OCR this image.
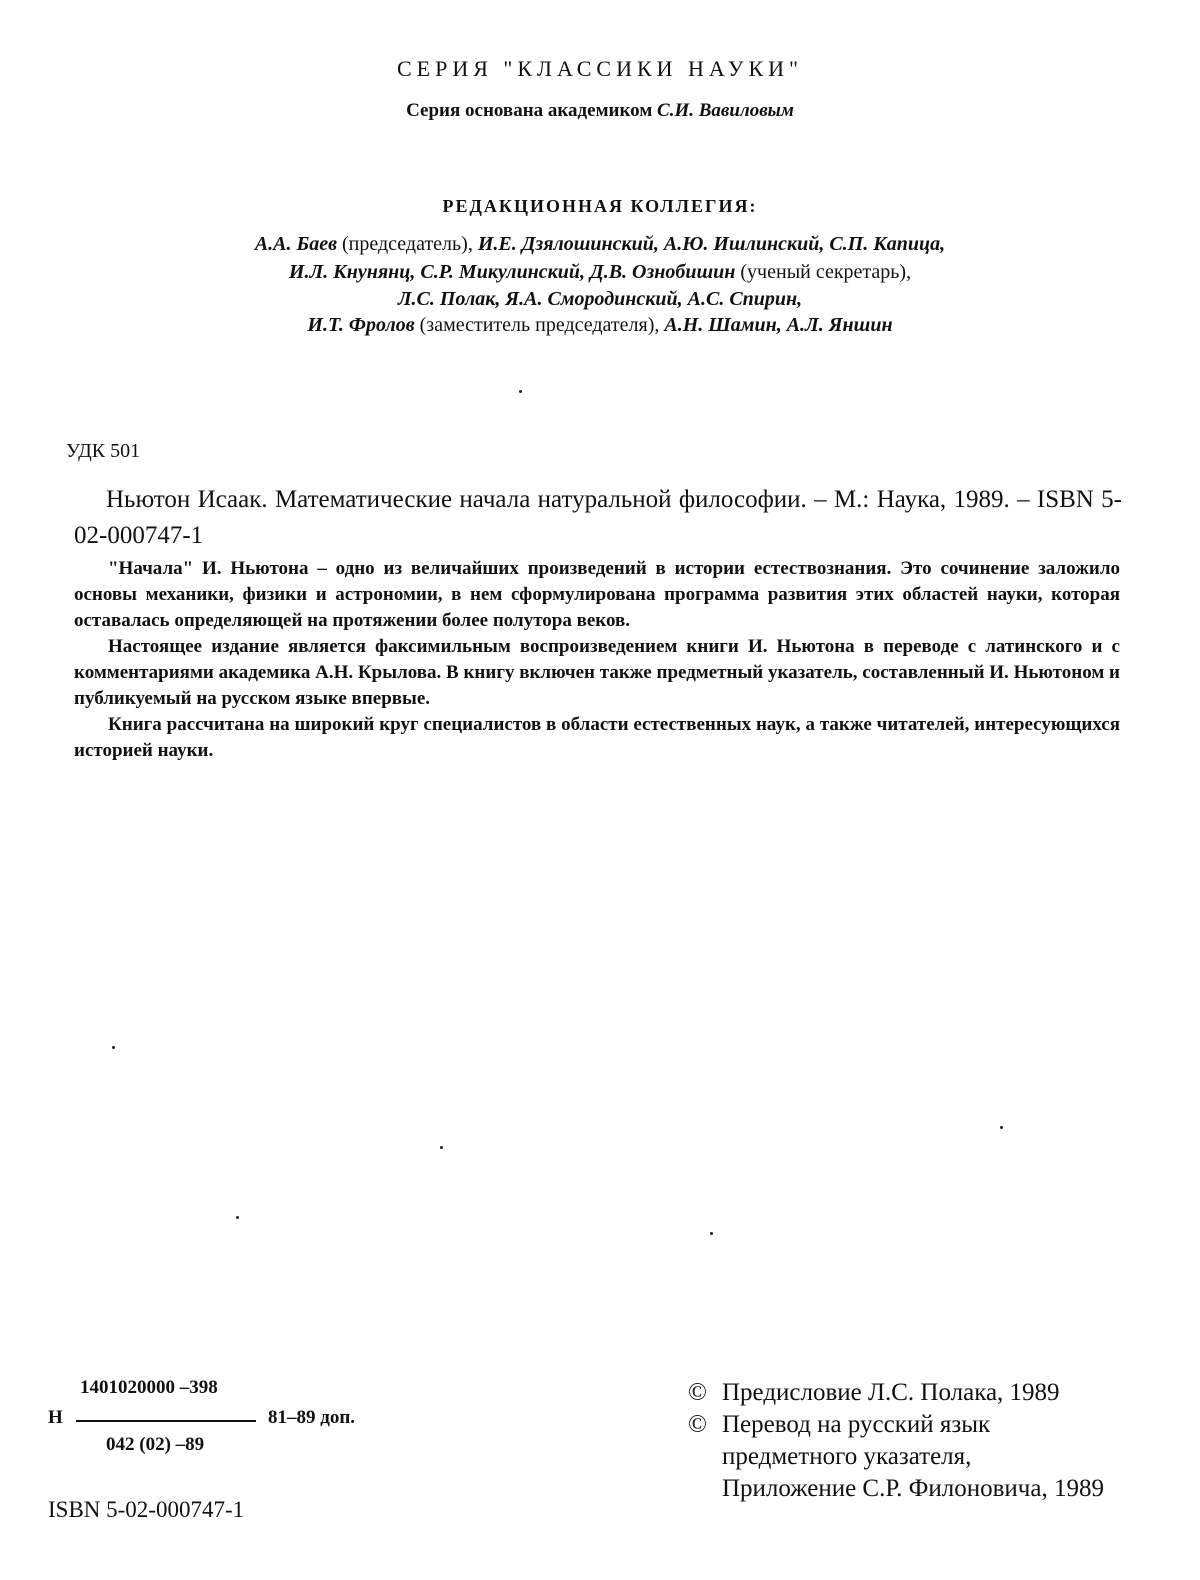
СЕРИЯ "КЛАССИКИ НАУКИ"
Серия основана академиком С.И. Вавиловым
РЕДАКЦИОННАЯ КОЛЛЕГИЯ:
А.А. Баев (председатель), И.Е. Дзялошинский, А.Ю. Ишлинский, С.П. Капица,
И.Л. Кнунянц, С.Р. Микулинский, Д.В. Ознобишин (ученый секретарь),
Л.С. Полак, Я.А. Смородинский, А.С. Спирин,
И.Т. Фролов (заместитель председателя), А.Н. Шамин, А.Л. Яншин
УДК 501
Ньютон Исаак. Математические начала натуральной философии. – М.: Наука, 1989. – ISBN 5-02-000747-1

"Начала" И. Ньютона – одно из величайших произведений в истории естествознания. Это сочинение заложило основы механики, физики и астрономии, в нем сформулирована программа развития этих областей науки, которая оставалась определяющей на протяжении более полутора веков.

Настоящее издание является факсимильным воспроизведением книги И. Ньютона в переводе с латинского и с комментариями академика А.Н. Крылова. В книгу включен также предметный указатель, составленный И. Ньютоном и публикуемый на русском языке впервые.

Книга рассчитана на широкий круг специалистов в области естественных наук, а также читателей, интересующихся историей науки.

1401020000 –398
Н	81–89 доп.
042 (02) –89
ISBN 5-02-000747-1
© Предисловие Л.С. Полака, 1989
© Перевод на русский язык
предметного указателя,
Приложение С.Р. Филоновича, 1989
